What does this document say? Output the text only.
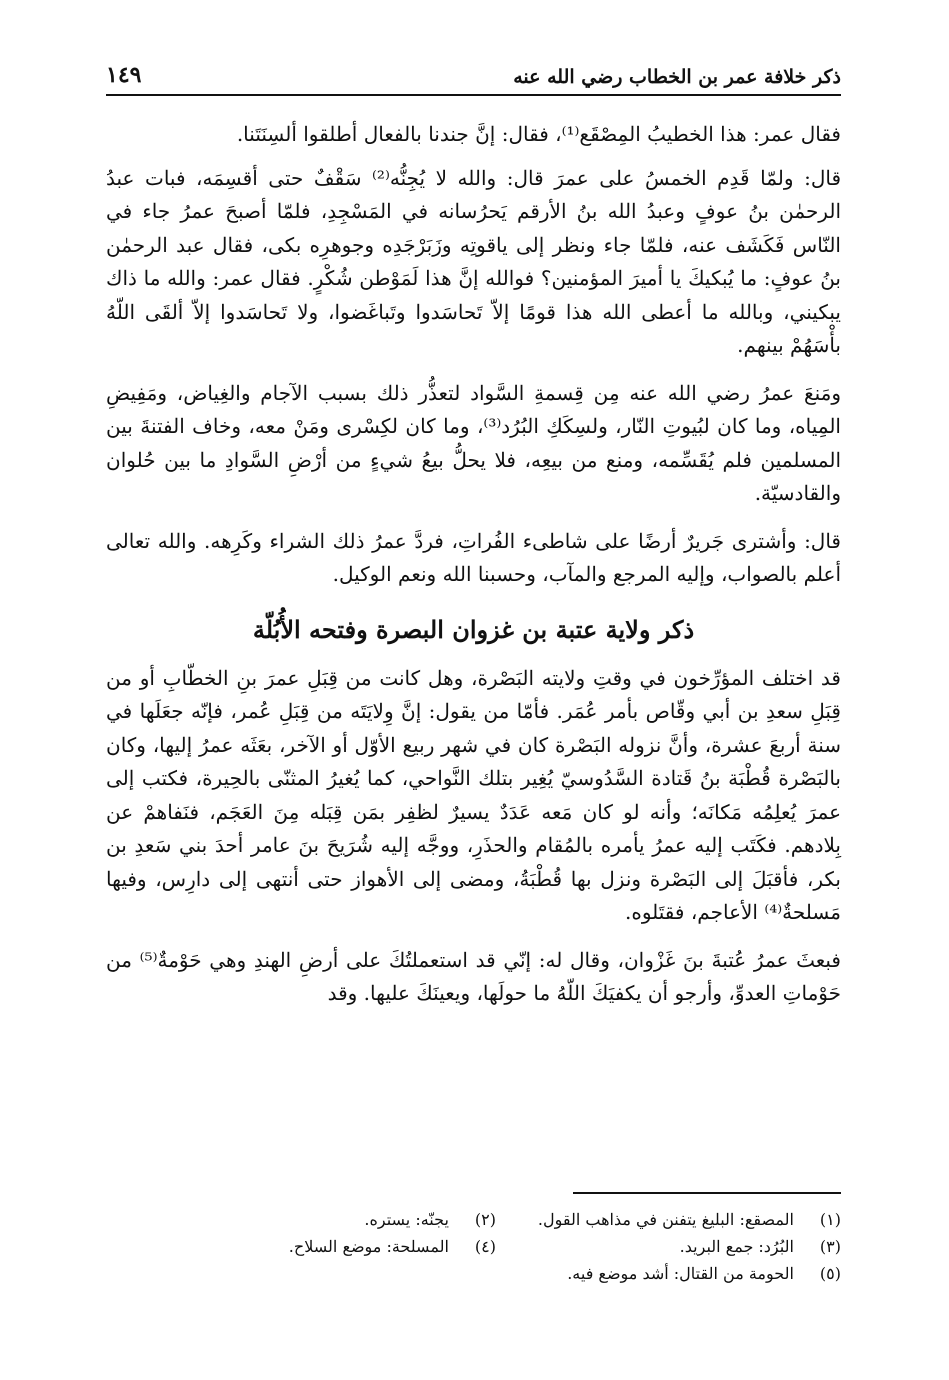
ذكر خلافة عمر بن الخطاب رضي الله عنه
١٤٩

فقال عمر: هذا الخطيبُ المِصْقَع⁽¹⁾، فقال: إنَّ جندنا بالفعال أطلقوا ألسِنَتَنا.

قال: ولمّا قَدِم الخمسُ على عمرَ قال: والله لا يُجِنُّه⁽²⁾ سَقْفٌ حتى أقسِمَه، فبات عبدُ الرحمٰن بنُ عوفٍ وعبدُ الله بنُ الأرقم يَحرُسانه في المَسْجِدِ، فلمّا أصبحَ عمرُ جاء في النّاس فَكَشَف عنه، فلمّا جاء ونظر إلى ياقوتِه وزَبَرْجَدِه وجوهرِه بكى، فقال عبد الرحمٰن بنُ عوفٍ: ما يُبكيكَ يا أميرَ المؤمنين؟ فوالله إنَّ هذا لَمَوْطن شُكْرٍ. فقال عمر: والله ما ذاك يبكيني، وبالله ما أعطى الله هذا قومًا إلاّ تَحاسَدوا وتَباغَضوا، ولا تَحاسَدوا إلاّ ألقَى اللّهُ بأْسَهُمْ بينهم.

ومَنعَ عمرُ رضي الله عنه مِن قِسمةِ السَّواد لتعذُّر ذلك بسبب الآجام والغِياض، ومَفِيضِ المِياه، وما كان لبُيوتِ النّار، ولسِكَكِ البُرُد⁽³⁾، وما كان لكِسْرى ومَنْ معه، وخاف الفتنةَ بين المسلمين فلم يُقَسِّمه، ومنع من بيعِه، فلا يحلُّ بيعُ شيءٍ من أرْضِ السَّوادِ ما بين حُلوان والقادسيّة.

قال: وأشترى جَريرٌ أرضًا على شاطىء الفُراتِ، فردَّ عمرُ ذلك الشراء وكَرِهه. والله تعالى أعلم بالصواب، وإليه المرجع والمآب، وحسبنا الله ونعم الوكيل.

ذكر ولاية عتبة بن غزوان البصرة وفتحه الأُبُلّة

قد اختلف المؤرِّخون في وقتِ ولايته البَصْرة، وهل كانت من قِبَلِ عمرَ بنِ الخطّابِ أو من قِبَلِ سعدِ بن أبي وقّاص بأمر عُمَر. فأمّا من يقول: إنَّ وِلايَتَه من قِبَلِ عُمر، فإنّه جعَلَها في سنة أربعَ عشرة، وأنَّ نزوله البَصْرة كان في شهر ربيع الأوّل أو الآخر، بعَثَه عمرُ إليها، وكان بالبَصْرة قُطْبَة بنُ قَتادة السَّدُوسيّ يُغِير بتلك النَّواحي، كما يُغيرُ المثنّى بالحِيرة، فكتب إلى عمرَ يُعلِمُه مَكانَه؛ وأنه لو كان مَعه عَدَدٌ يسيرٌ لظفِر بمَن قِبَله مِنَ العَجَم، فنَفاهمْ عن بِلادهم. فكَتَب إليه عمرُ يأمره بالمُقام والحذَرِ، ووجَّه إليه شُرَيحَ بنَ عامر أحدَ بني سَعدِ بن بكر، فأقبَلَ إلى البَصْرة ونزل بها قُطْبَةُ، ومضى إلى الأهواز حتى أنتهى إلى دارِس، وفيها مَسلحةٌ⁽⁴⁾ الأعاجم، فقتَلوه.

فبعثَ عمرُ عُتبةَ بنَ غَزْوان، وقال له: إنّي قد استعملتُكَ على أرضِ الهندِ وهي حَوْمةٌ⁽⁵⁾ من حَوْماتِ العدوِّ، وأرجو أن يكفيَكَ اللّهُ ما حولَها، ويعينَكَ عليها. وقد

(١) المصقع: البليغ يتفنن في مذاهب القول.
(٢) يجنّه: يستره.
(٣) البُرُد: جمع البريد.
(٤) المسلحة: موضع السلاح.
(٥) الحومة من القتال: أشد موضع فيه.
